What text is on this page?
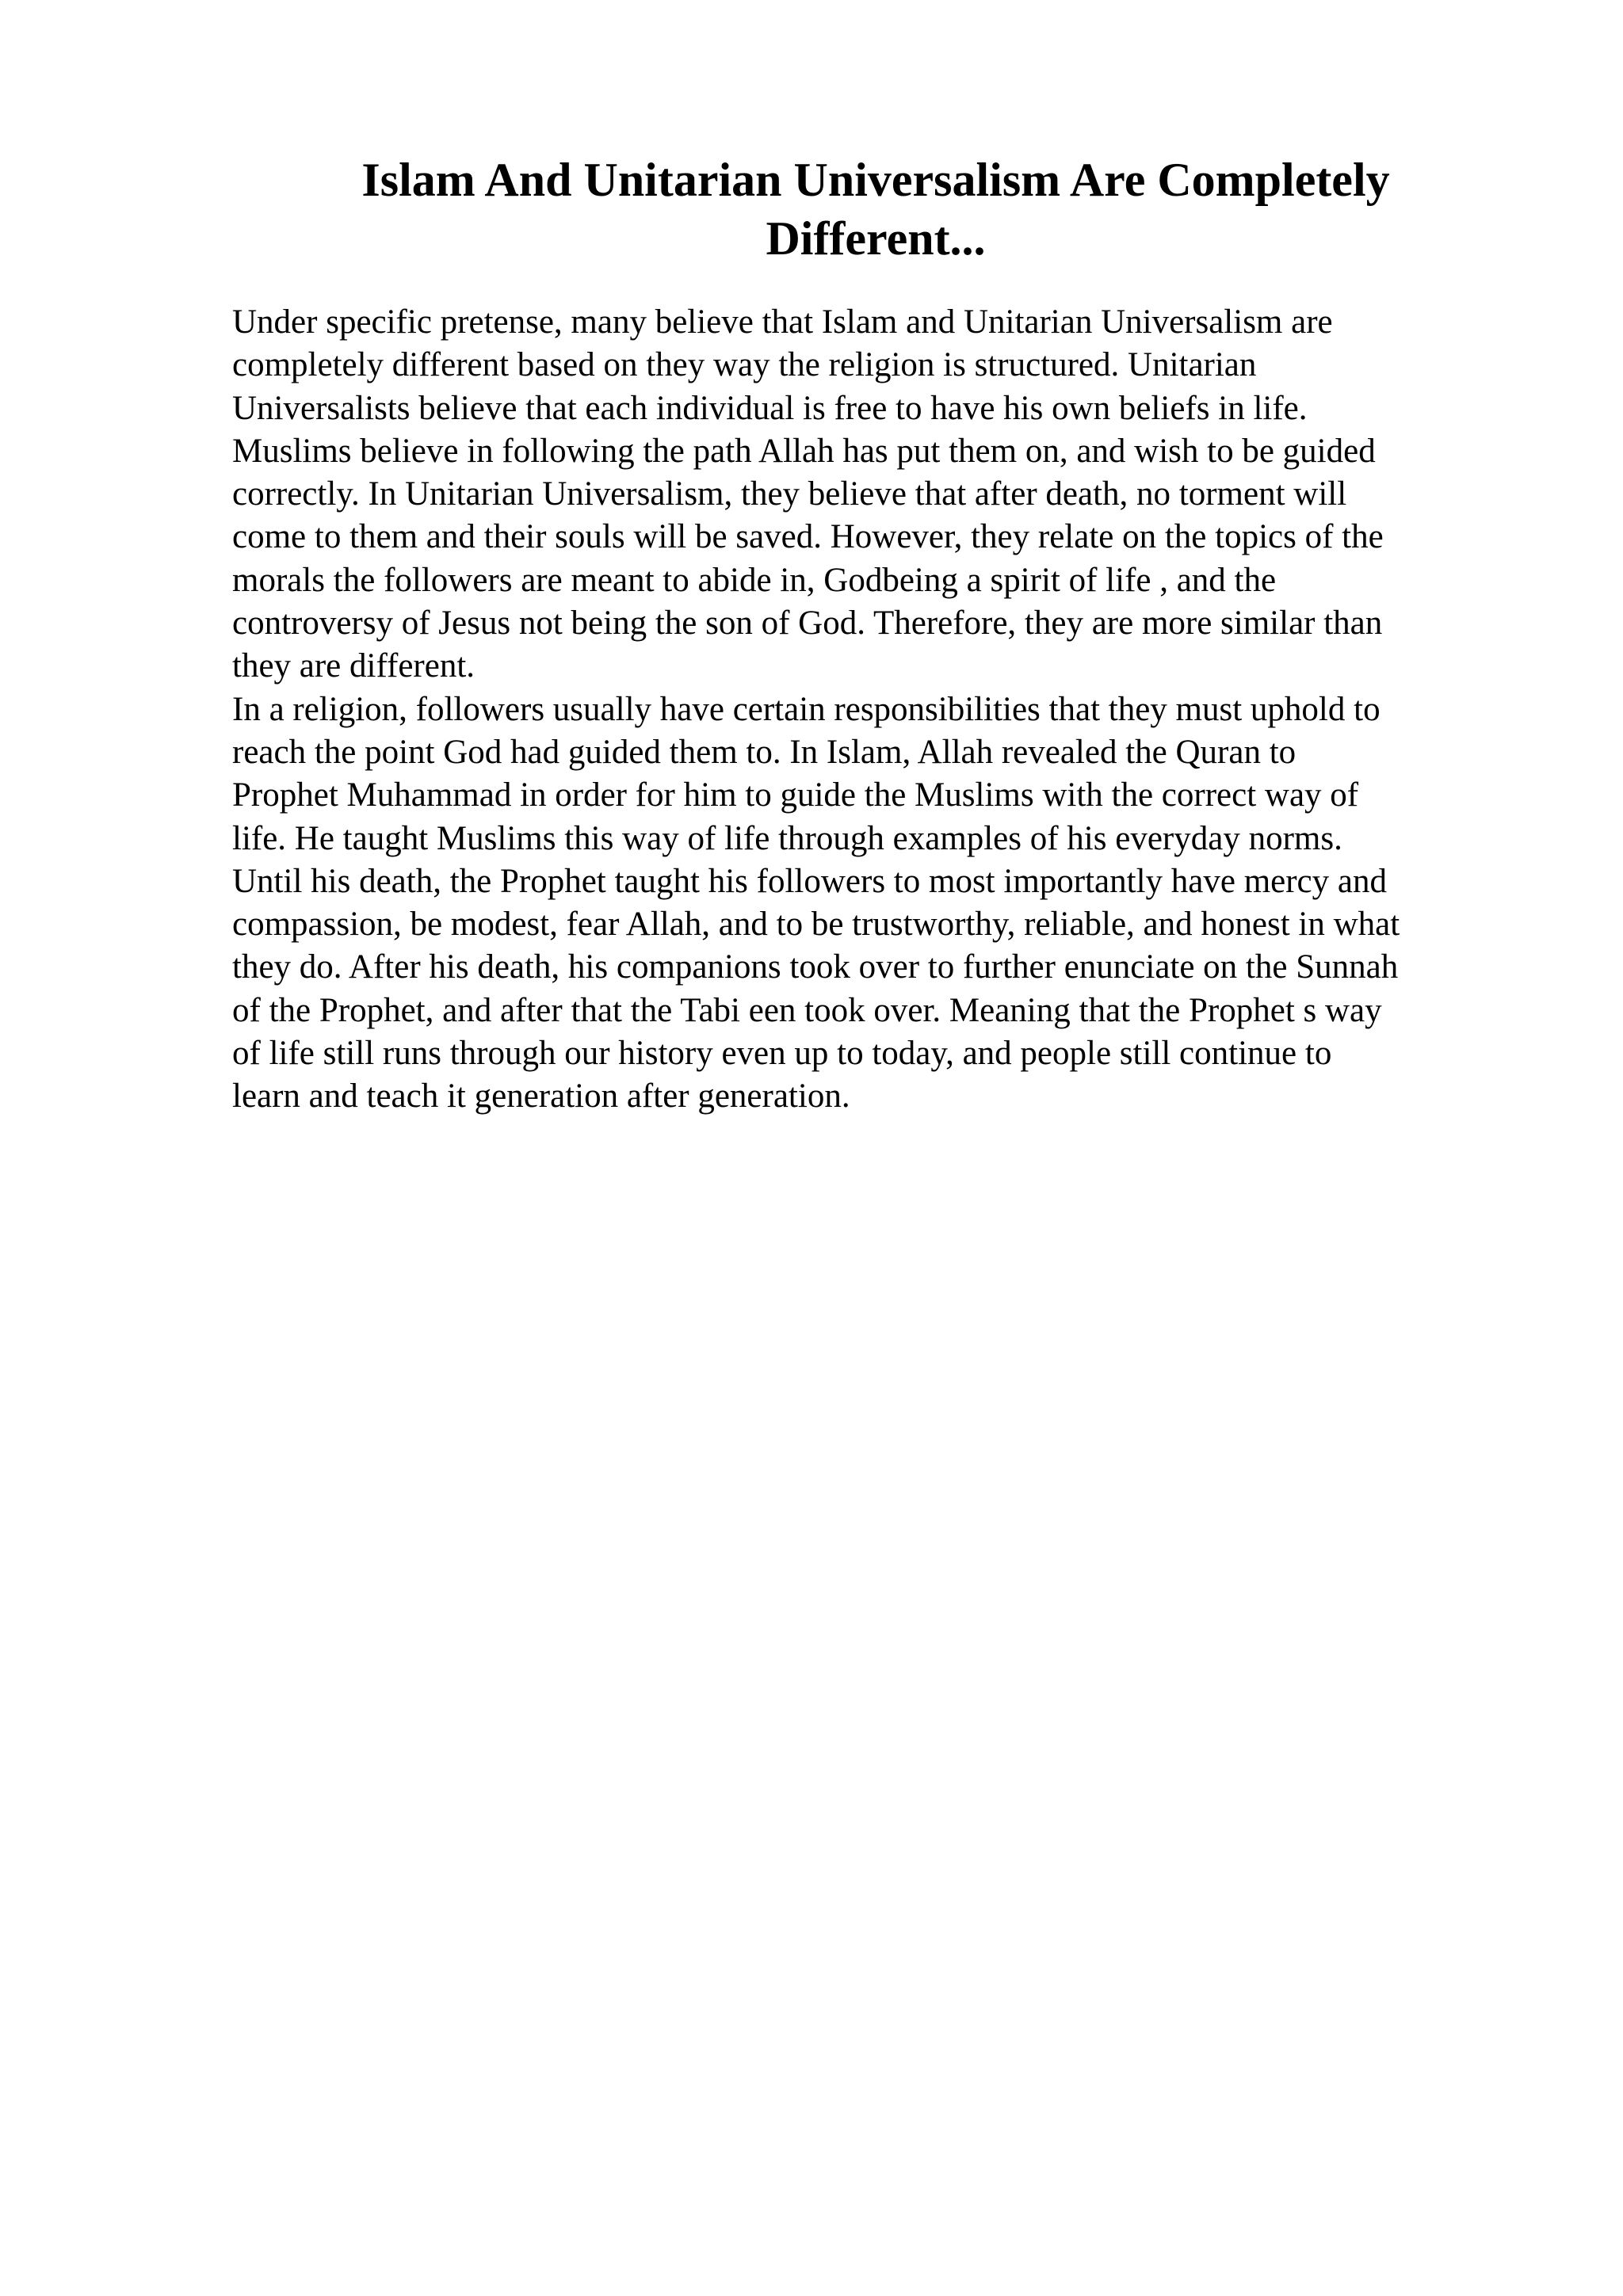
Islam And Unitarian Universalism Are Completely
Different...
Under specific pretense, many believe that Islam and Unitarian Universalism are
completely different based on they way the religion is structured. Unitarian
Universalists believe that each individual is free to have his own beliefs in life.
Muslims believe in following the path Allah has put them on, and wish to be guided
correctly. In Unitarian Universalism, they believe that after death, no torment will
come to them and their souls will be saved. However, they relate on the topics of the
morals the followers are meant to abide in, Godbeing a spirit of life , and the
controversy of Jesus not being the son of God. Therefore, they are more similar than
they are different.
In a religion, followers usually have certain responsibilities that they must uphold to
reach the point God had guided them to. In Islam, Allah revealed the Quran to
Prophet Muhammad in order for him to guide the Muslims with the correct way of
life. He taught Muslims this way of life through examples of his everyday norms.
Until his death, the Prophet taught his followers to most importantly have mercy and
compassion, be modest, fear Allah, and to be trustworthy, reliable, and honest in what
they do. After his death, his companions took over to further enunciate on the Sunnah
of the Prophet, and after that the Tabi een took over. Meaning that the Prophet s way
of life still runs through our history even up to today, and people still continue to
learn and teach it generation after generation.
